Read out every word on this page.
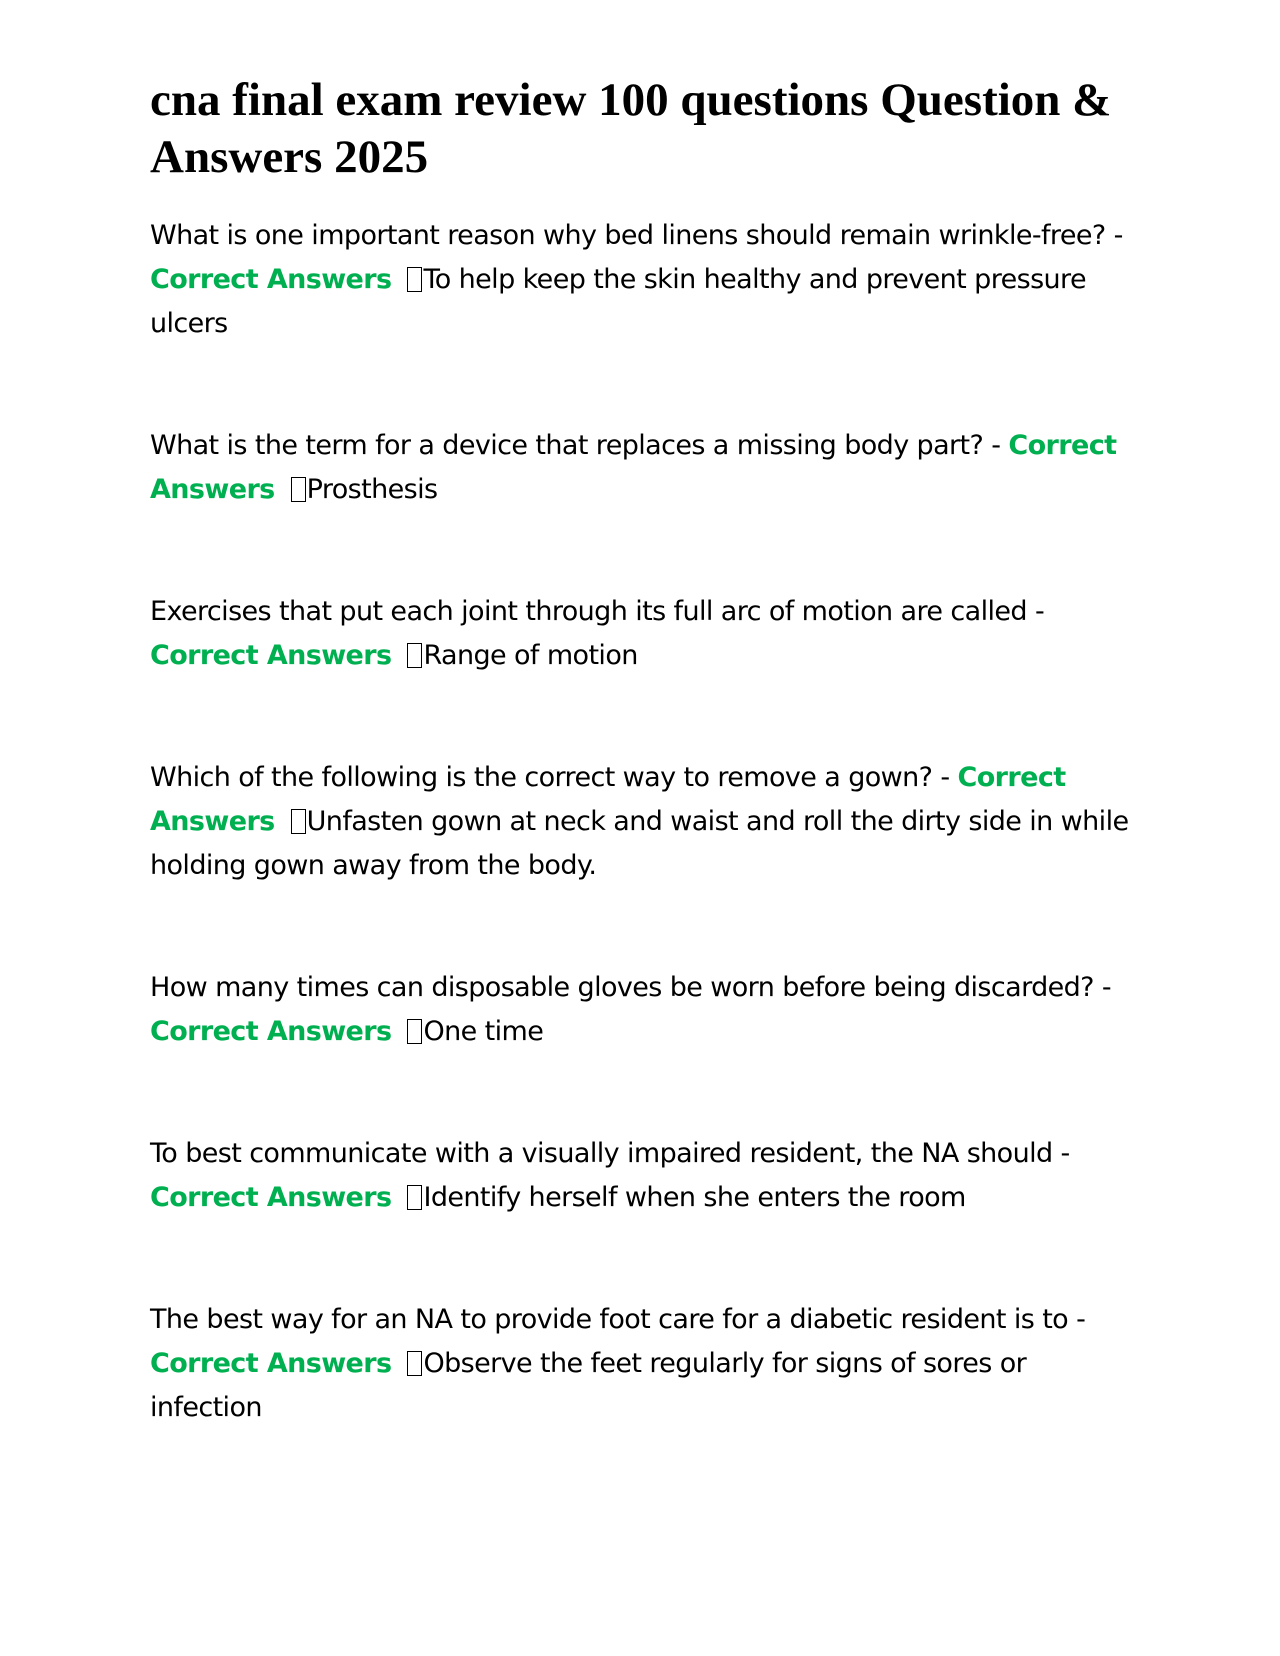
cna final exam review 100 questions Question & Answers 2025

What is one important reason why bed linens should remain wrinkle-free? - Correct Answers To help keep the skin healthy and prevent pressure ulcers

What is the term for a device that replaces a missing body part? - Correct Answers Prosthesis

Exercises that put each joint through its full arc of motion are called - Correct Answers Range of motion

Which of the following is the correct way to remove a gown? - Correct Answers Unfasten gown at neck and waist and roll the dirty side in while holding gown away from the body.

How many times can disposable gloves be worn before being discarded? - Correct Answers One time

To best communicate with a visually impaired resident, the NA should - Correct Answers Identify herself when she enters the room

The best way for an NA to provide foot care for a diabetic resident is to - Correct Answers Observe the feet regularly for signs of sores or infection
